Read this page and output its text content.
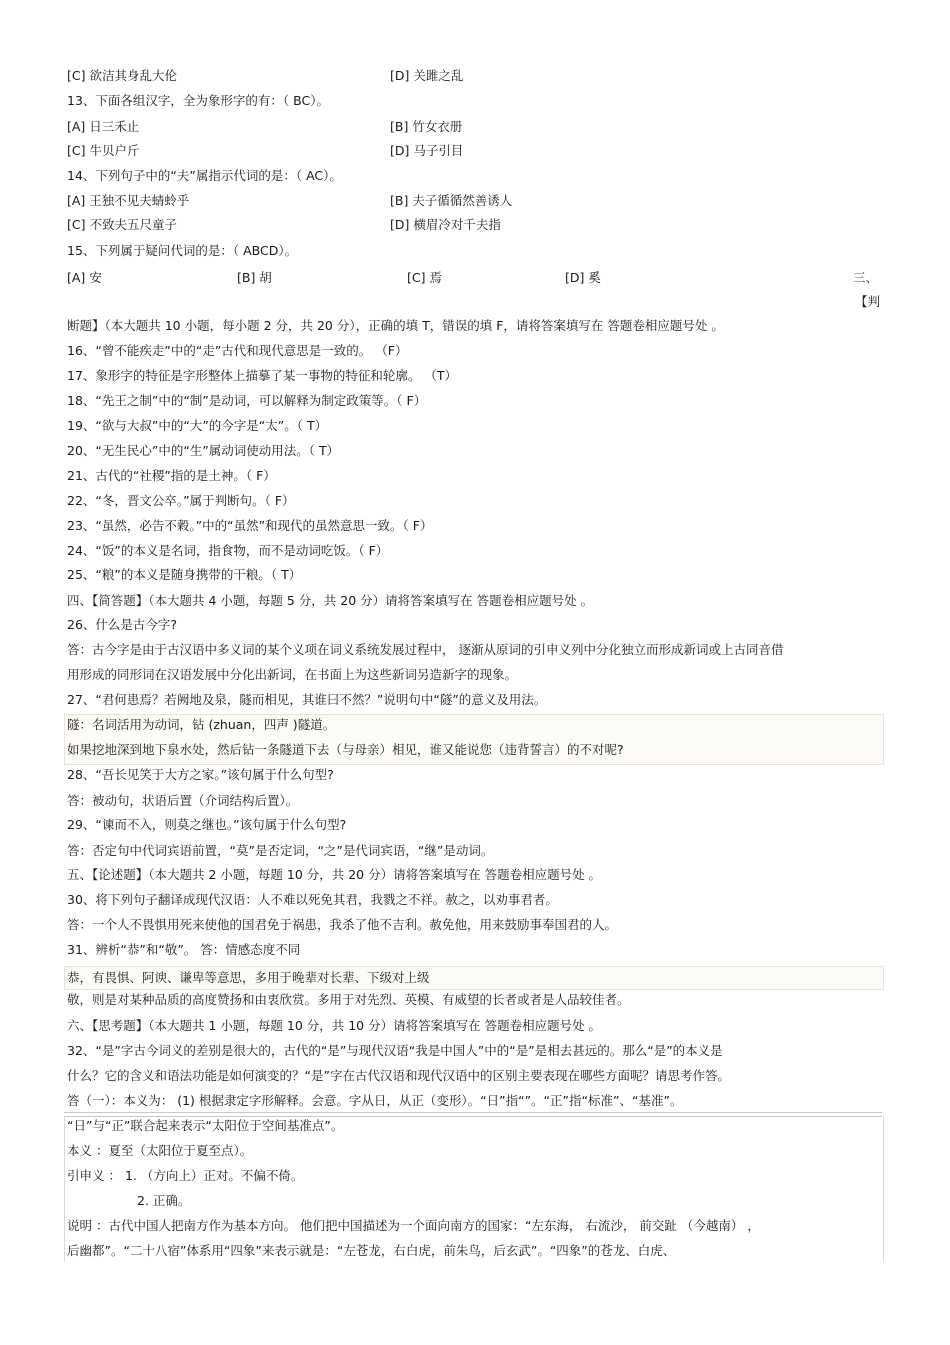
[C] 欲洁其身乱大伦	[D] 关雎之乱
13、下面各组汉字，全为象形字的有：（ BC）。
[A] 日三禾止	[B] 竹女衣册
[C] 牛贝户斤	[D] 马子引目
14、下列句子中的“夫”属指示代词的是：（ AC）。
[A] 王独不见夫蜻蛉乎	[B] 夫子循循然善诱人
[C] 不致夫五尺童子	[D] 横眉冷对千夫指
15、下列属于疑问代词的是：（ ABCD）。
[A] 安	[B] 胡	[C] 焉	[D] 奚	三、
【判
断题】（本大题共 10 小题，每小题 2 分，共 20 分），正确的填 T，错误的填 F，请将答案填写在 答题卷相应题号处 。
16、“曾不能疾走”中的“走”古代和现代意思是一致的。 （F）
17、象形字的特征是字形整体上描摹了某一事物的特征和轮廓。 （T）
18、“先王之制”中的“制”是动词，可以解释为制定政策等。（ F）
19、“欲与大叔”中的“大”的今字是“太”。（ T）
20、“无生民心”中的“生”属动词使动用法。（ T）
21、古代的“社稷”指的是土神。（ F）
22、“冬，晋文公卒。”属于判断句。（ F）
23、“虽然，必告不穀。”中的“虽然”和现代的虽然意思一致。（ F）
24、“饭”的本义是名词，指食物，而不是动词吃饭。（ F）
25、“粮”的本义是随身携带的干粮。（ T）
四、【简答题】（本大题共 4 小题，每题 5 分，共 20 分）请将答案填写在 答题卷相应题号处 。
26、什么是古今字?
答：古今字是由于古汉语中多义词的某个义项在词义系统发展过程中， 逐渐从原词的引申义列中分化独立而形成新词或上古同音借
用形成的同形词在汉语发展中分化出新词，在书面上为这些新词另造新字的现象。
27、“君何患焉？若阙地及泉，隧而相见，其谁曰不然？”说明句中“隧”的意义及用法。
隧：名词活用为动词，钻 (zhuan，四声 )隧道。
如果挖地深到地下泉水处，然后钻一条隧道下去（与母亲）相见，谁又能说您（违背誓言）的不对呢?
28、“吾长见笑于大方之家。”该句属于什么句型?
答：被动句，状语后置（介词结构后置）。
29、“谏而不入，则莫之继也。”该句属于什么句型?
答：否定句中代词宾语前置，“莫”是否定词，“之”是代词宾语，“继”是动词。
五、【论述题】（本大题共 2 小题，每题 10 分，共 20 分）请将答案填写在 答题卷相应题号处 。
30、将下列句子翻译成现代汉语：人不难以死免其君，我戮之不祥。赦之，以劝事君者。
答：一个人不畏惧用死来使他的国君免于祸患，我杀了他不吉利。赦免他，用来鼓励事奉国君的人。
31、辨析“恭”和“敬”。 答：情感态度不同
恭，有畏惧、阿谀、谦卑等意思，多用于晚辈对长辈、下级对上级
敬，则是对某种品质的高度赞扬和由衷欣赏。多用于对先烈、英模、有威望的长者或者是人品较佳者。
六、【思考题】（本大题共 1 小题，每题 10 分，共 10 分）请将答案填写在 答题卷相应题号处 。
32、“是”字古今词义的差别是很大的，古代的“是”与现代汉语“我是中国人”中的“是”是相去甚远的。那么“是”的本义是
什么？它的含义和语法功能是如何演变的？“是”字在古代汉语和现代汉语中的区别主要表现在哪些方面呢？请思考作答。
答（一）：本义为： (1) 根据隶定字形解释。会意。字从日，从正（变形）。“日”指“”。“正”指“标准”、“基准”。
“日”与“正”联合起来表示“太阳位于空间基准点”。
本义 ：夏至（太阳位于夏至点）。
引申义 ： 1. （方向上）正对。不偏不倚。
2. 正确。
说明 ：古代中国人把南方作为基本方向。 他们把中国描述为一个面向南方的国家：“左东海， 右流沙， 前交趾 （今越南） ，
后幽都”。“二十八宿”体系用“四象”来表示就是：“左苍龙，右白虎，前朱鸟，后玄武”。“四象”的苍龙、白虎、
